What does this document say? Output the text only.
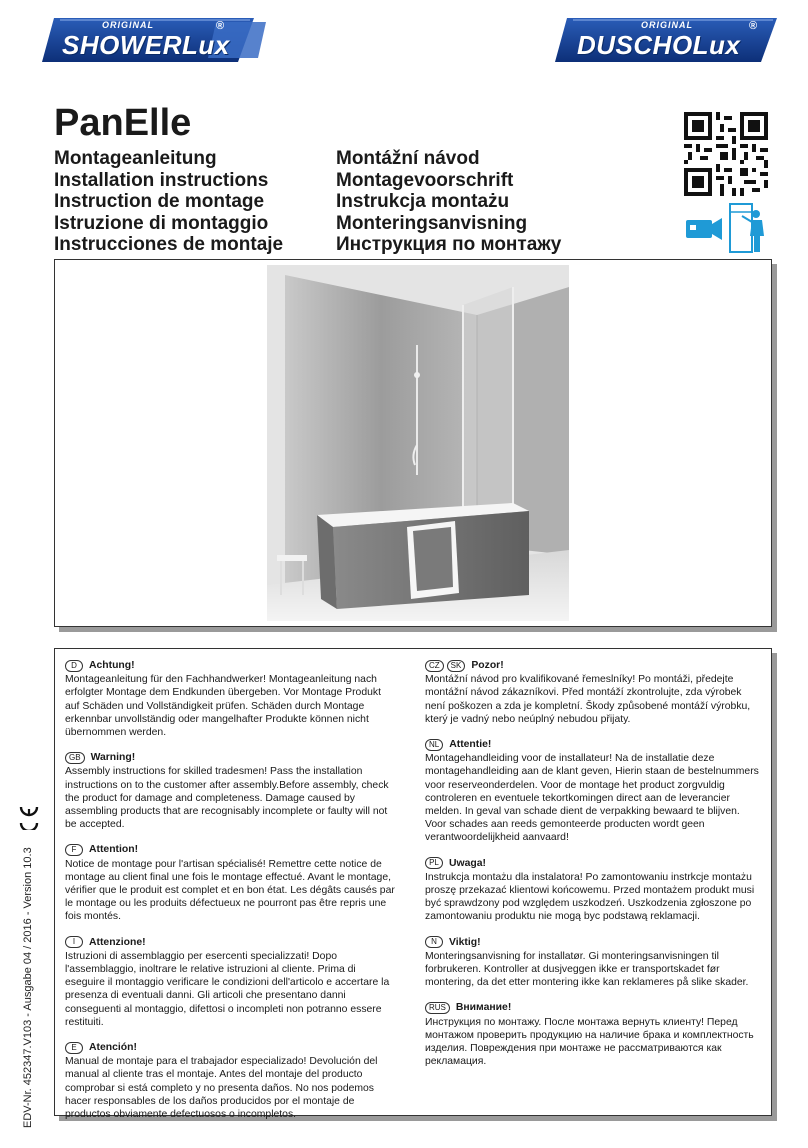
ORIGINAL
SHOWERLux
®	ORIGINAL
DUSCHOLux
®
PanElle
Montageanleitung
Installation instructions
Instruction de montage
Istruzione di montaggio
Instrucciones de montaje
Montážní návod
Montagevoorschrift
Instrukcja montażu
Monteringsanvisning
Инструкция по монтажу
D	Achtung!
Montageanleitung für den Fachhandwerker! Montageanleitung nach erfolgter Montage dem Endkunden übergeben. Vor Montage Produkt auf Schäden und Vollständigkeit prüfen. Schäden durch Montage erkennbar unvollständig oder mangelhafter Produkte können nicht übernommen werden.
GB Warning!
Assembly instructions for skilled tradesmen! Pass the installation instructions on to the customer after assembly.Before assembly, check the product for damage and completeness. Damage caused by assembling products that are recognisably incomplete or faulty will not be accepted.
F	Attention!
Notice de montage pour l'artisan spécialisé! Remettre cette notice de montage au client final une fois le montage effectué. Avant le montage, vérifier que le produit est complet et en bon état. Les dégâts causés par le montage ou les produits défectueux ne pourront pas être repris une fois montés.
I	Attenzione!
Istruzioni di assemblaggio per esercenti specializzati! Dopo l'assemblaggio, inoltrare le relative istruzioni al cliente. Prima di eseguire il montaggio verificare le condizioni dell'articolo e accertare la presenza di eventuali danni. Gli articoli che presentano danni conseguenti al montaggio, difettosi o incompleti non potranno essere restituiti.
E	Atención!
Manual de montaje para el trabajador especializado! Devolución del manual al cliente tras el montaje. Antes del montaje del producto comprobar si está completo y no presenta daños. No nos podemos hacer responsables de los daños producidos por el montaje de productos obviamente defectuosos o incompletos.
CZ	SK Pozor!
Montážní návod pro kvalifikované řemeslníky! Po montáži, předejte montážní návod zákazníkovi. Před montáží zkontrolujte, zda výrobek není poškozen a zda je kompletní. Škody způsobené montáží výrobku, který je vadný nebo neúplný nebudou přijaty.
NL Attentie!
Montagehandleiding voor de installateur! Na de installatie deze montagehandleiding aan de klant geven, Hierin staan de bestelnummers voor reserveonderdelen. Voor de montage het product zorgvuldig controleren en eventuele tekortkomingen direct aan de leverancier melden. In geval van schade dient de verpakking bewaard te blijven. Voor schades aan reeds gemonteerde producten wordt geen verantwoordelijkheid aanvaard!
PL Uwaga!
Instrukcja montażu dla instalatora! Po zamontowaniu instrkcje montażu proszę przekazać klientowi końcowemu. Przed montażem produkt musi być sprawdzony pod względem uszkodzeń. Uszkodzenia zgłoszone po zamontowaniu produktu nie mogą byc podstawą reklamacji.
N	Viktig!
Monteringsanvisning for installatør. Gi monteringsanvisningen til forbrukeren. Kontroller at dusjveggen ikke er transportskadet før montering, da det etter montering ikke kan reklameres på slike skader.
RUS Внимание!
Инструкция по монтажу. После монтажа вернуть клиенту! Перед монтажом проверить продукцию на наличие брака и комплектность изделия. Повреждения при монтаже не рассматриваются как рекламация.
EDV-Nr. 452347.V103 - Ausgabe 04 / 2016 - Version 10.3
